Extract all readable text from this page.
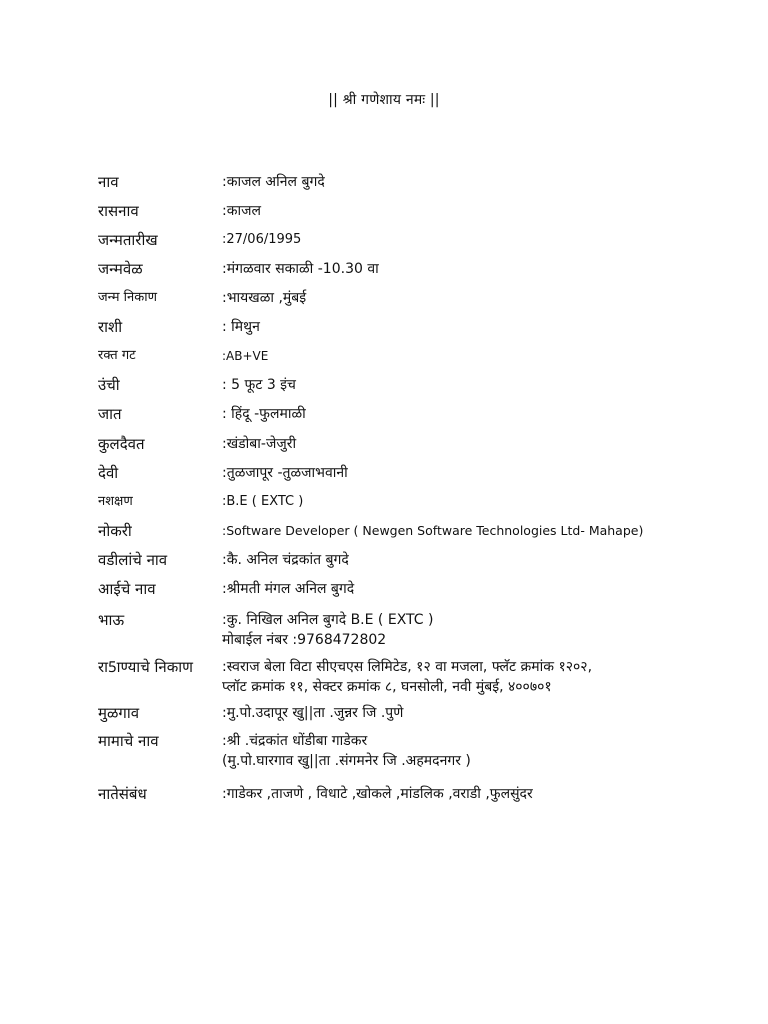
|| श्री गणेशाय नमः ||
नाव	:काजल अनिल बुगदे
रासनाव	:काजल
जन्मतारीख	:27/06/1995
जन्मवेळ	:मंगळवार सकाळी -10.30 वा
जन्म निकाण	:भायखळा ,मुंबई
राशी	: मिथुन
रक्त गट	:AB+VE
उंची	: 5 फूट 3 इंच
जात	: हिंदू -फुलमाळी
कुलदैवत	:खंडोबा-जेजुरी
देवी	:तुळजापूर -तुळजाभवानी
नशक्षण	:B.E ( EXTC )
नोकरी	:Software Developer ( Newgen Software Technologies Ltd- Mahape)
वडीलांचे नाव	:कै. अनिल चंद्रकांत बुगदे
आईचे नाव	:श्रीमती मंगल अनिल बुगदे
भाऊ	:कु. निखिल अनिल बुगदे B.E ( EXTC )
मोबाईल नंबर :9768472802
रा5ाण्याचे निकाण	:स्वराज बेला विटा सीएचएस लिमिटेड, १२ वा मजला, फ्लॅट क्रमांक १२०२,
प्लॉट क्रमांक ११, सेक्टर क्रमांक ८, घनसोली, नवी मुंबई, ४००७०१
मुळगाव	:मु.पो.उदापूर खु||ता .जुन्नर जि .पुणे
मामाचे नाव	:श्री .चंद्रकांत धोंडीबा गाडेकर
(मु.पो.घारगाव खु||ता .संगमनेर जि .अहमदनगर )
नातेसंबंध	:गाडेकर ,ताजणे , विधाटे ,खोकले ,मांडलिक ,वराडी ,फुलसुंदर
